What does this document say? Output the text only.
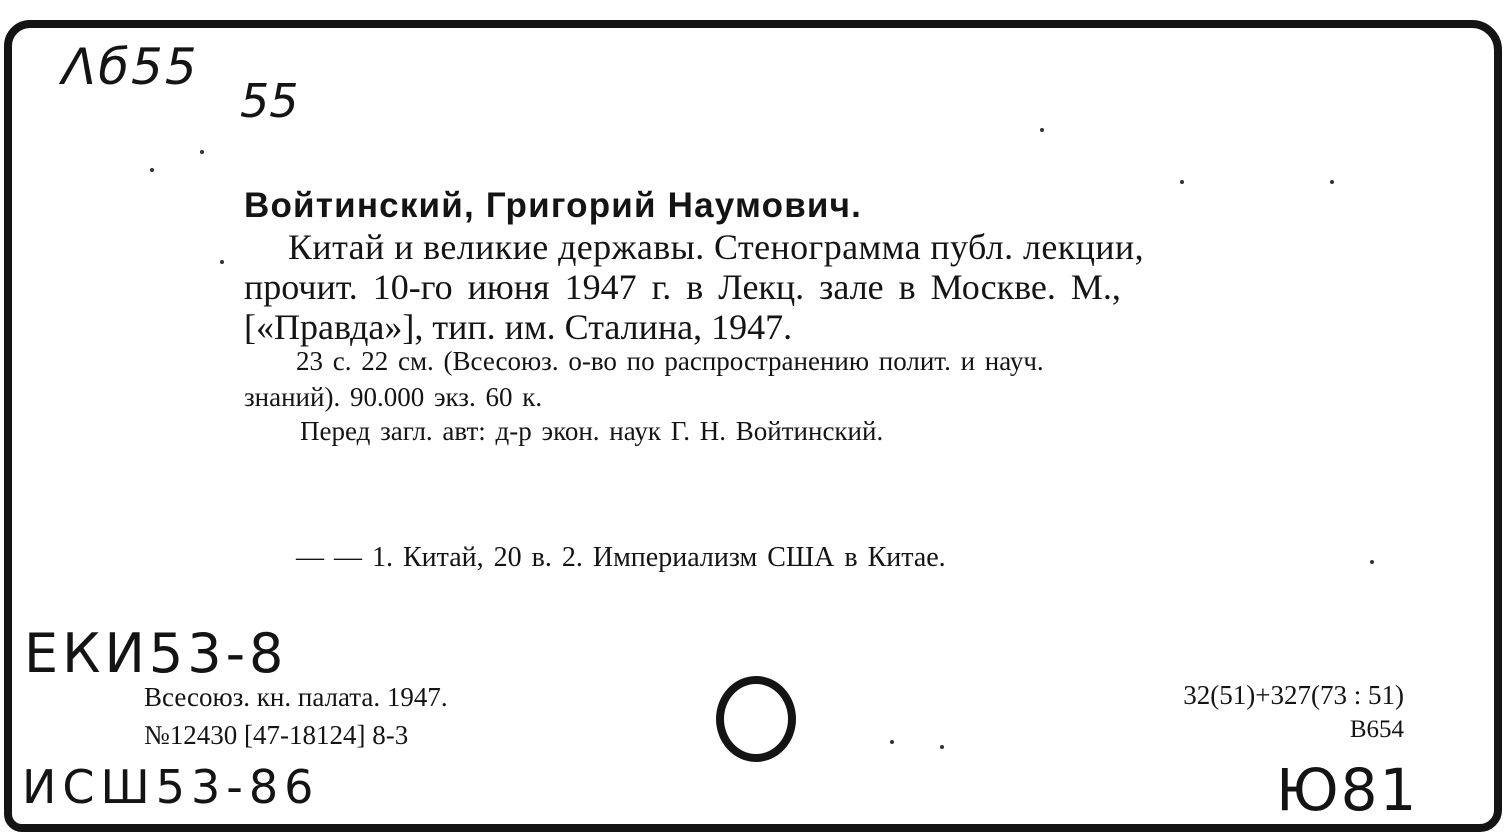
Λб55
55
Войтинский, Григорий Наумович.
Китай и великие державы. Стенограмма публ. лекции,
прочит. 10-го июня 1947 г. в Лекц. зале в Москве. М.,
[«Правда»], тип. им. Сталина, 1947.
23 с. 22 см. (Всесоюз. о-во по распространению полит. и науч.
знаний). 90.000 экз. 60 к.
Перед загл. авт: д-р экон. наук Г. Н. Войтинский.
— — 1. Китай, 20 в. 2. Империализм США в Китае.
ЕКИ53-8
Всесоюз. кн. палата. 1947.
№12430 [47-18124] 8-3
32(51)+327(73 : 51)
В654
ИСШ53-86	Ю81
